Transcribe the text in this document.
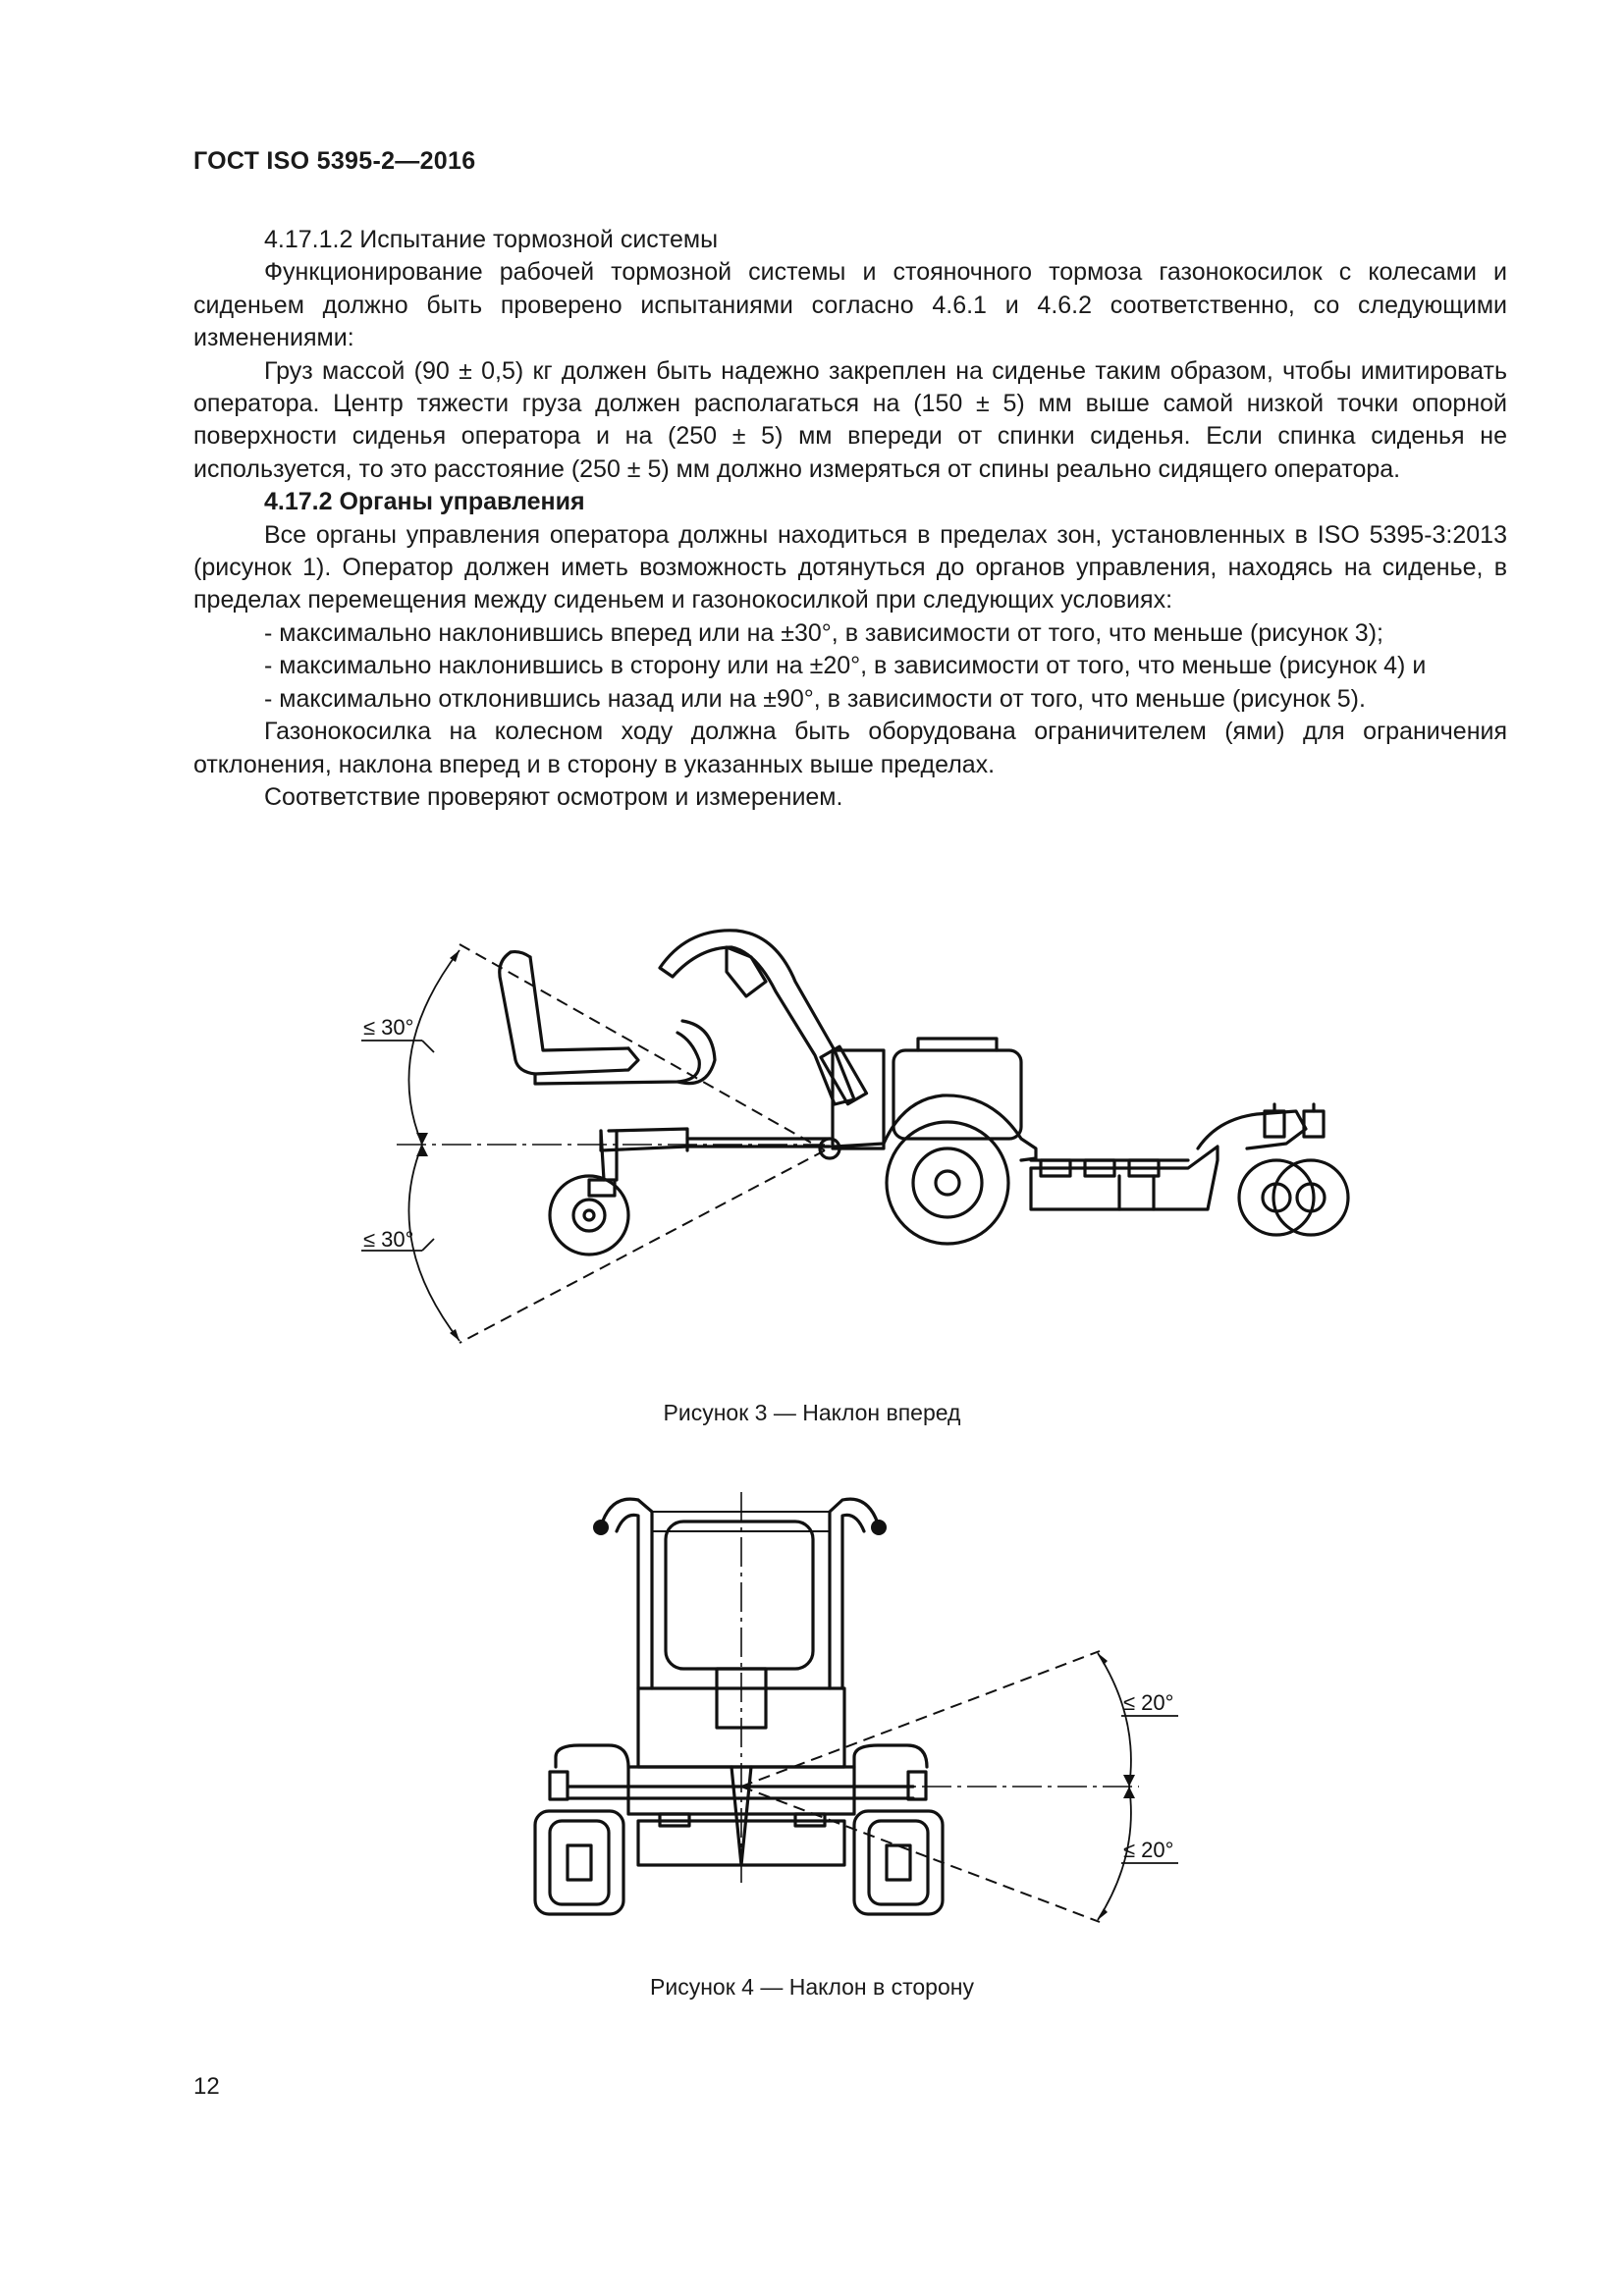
ГОСТ ISO 5395-2—2016

4.17.1.2 Испытание тормозной системы

Функционирование рабочей тормозной системы и стояночного тормоза газонокосилок с колесами и сиденьем должно быть проверено испытаниями согласно 4.6.1 и 4.6.2 соответственно, со следующими изменениями:

Груз массой (90 ± 0,5) кг должен быть надежно закреплен на сиденье таким образом, чтобы имитировать оператора. Центр тяжести груза должен располагаться на (150 ± 5) мм выше самой низкой точки опорной поверхности сиденья оператора и на (250 ± 5) мм впереди от спинки сиденья. Если спинка сиденья не используется, то это расстояние (250 ± 5) мм должно измеряться от спины реально сидящего оператора.

4.17.2 Органы управления

Все органы управления оператора должны находиться в пределах зон, установленных в ISO 5395-3:2013 (рисунок 1). Оператор должен иметь возможность дотянуться до органов управления, находясь на сиденье, в пределах перемещения между сиденьем и газонокосилкой при следующих условиях:

- максимально наклонившись вперед или на ±30°, в зависимости от того, что меньше (рисунок 3);

- максимально наклонившись в сторону или на ±20°, в зависимости от того, что меньше (рисунок 4) и

- максимально отклонившись назад или на ±90°, в зависимости от того, что меньше (рисунок 5).

Газонокосилка на колесном ходу должна быть оборудована ограничителем (ями) для ограничения отклонения, наклона вперед и в сторону в указанных выше пределах.

Соответствие проверяют осмотром и измерением.

≤ 30°
≤ 30°
Рисунок 3 — Наклон вперед
≤ 20°
≤ 20°
Рисунок 4 — Наклон в сторону
12
